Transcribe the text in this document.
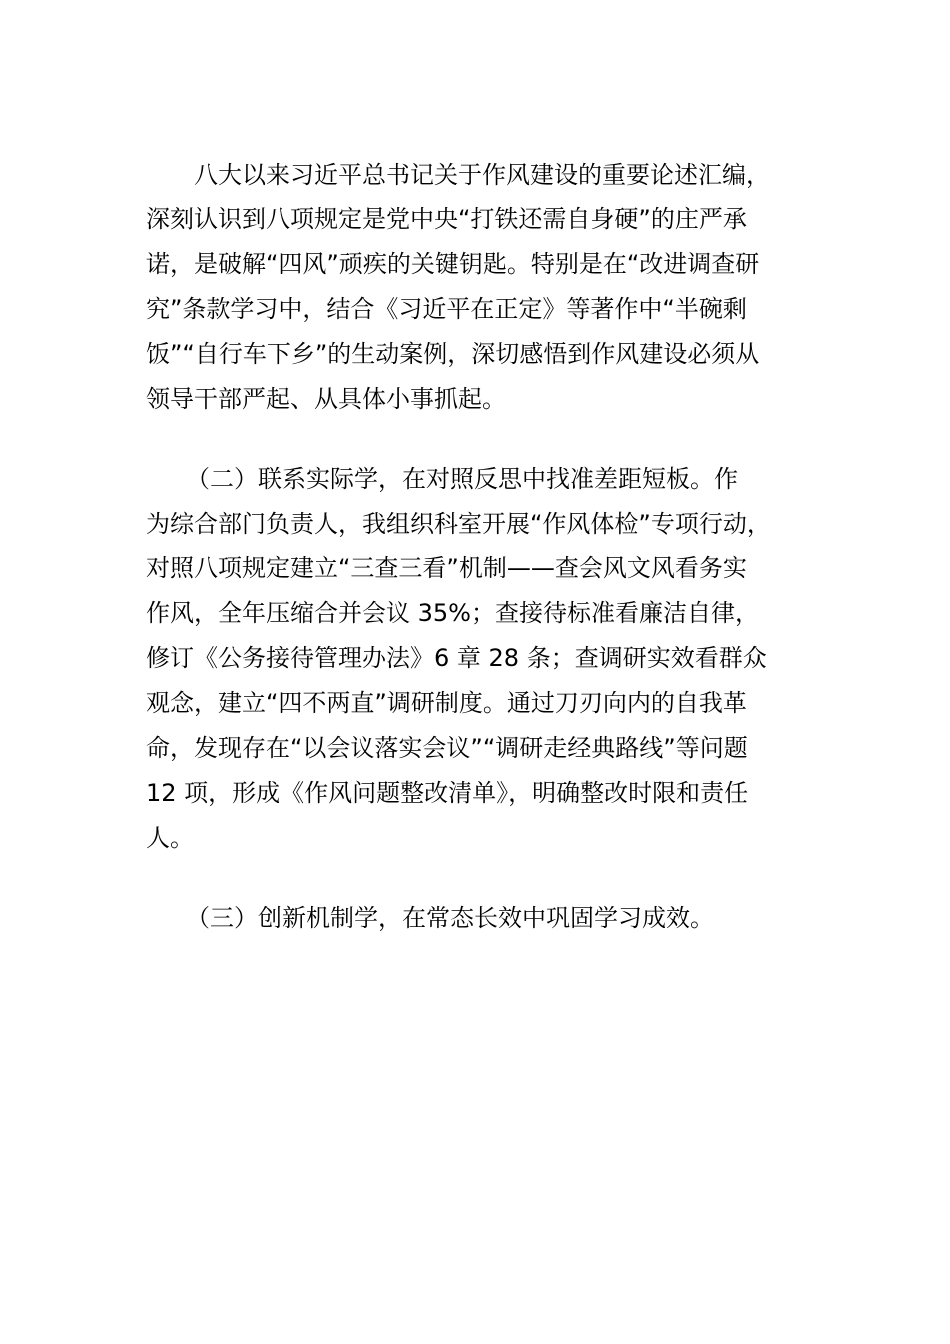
八大以来习近平总书记关于作风建设的重要论述汇编，
深刻认识到八项规定是党中央“打铁还需自身硬”的庄严承
诺，是破解“四风”顽疾的关键钥匙。特别是在“改进调查研
究”条款学习中，结合《习近平在正定》等著作中“半碗剩
饭”“自行车下乡”的生动案例，深切感悟到作风建设必须从
领导干部严起、从具体小事抓起。
（二）联系实际学，在对照反思中找准差距短板。作
为综合部门负责人，我组织科室开展“作风体检”专项行动，
对照八项规定建立“三查三看”机制——查会风文风看务实
作风，全年压缩合并会议 35%；查接待标准看廉洁自律，
修订《公务接待管理办法》6 章 28 条；查调研实效看群众
观念，建立“四不两直”调研制度。通过刀刃向内的自我革
命，发现存在“以会议落实会议”“调研走经典路线”等问题
12 项，形成《作风问题整改清单》，明确整改时限和责任
人。
（三）创新机制学，在常态长效中巩固学习成效。
